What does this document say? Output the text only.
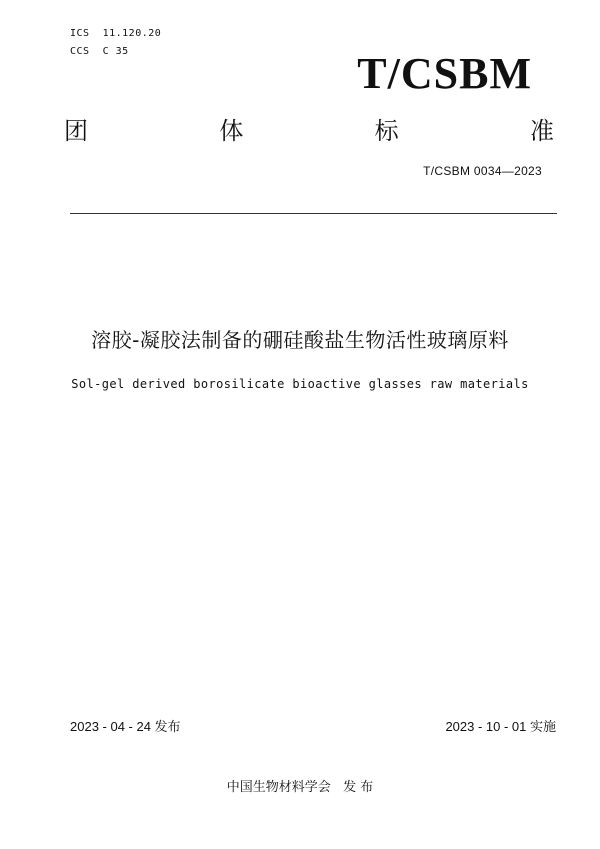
ICS  11.120.20
CCS  C 35	T/CSBM
团	体	标	准
T/CSBM 0034—2023
溶胶-凝胶法制备的硼硅酸盐生物活性玻璃原料
Sol-gel derived borosilicate bioactive glasses raw materials
2023 - 04 - 24 发布	2023 - 10 - 01 实施
中国生物材料学会   发 布
